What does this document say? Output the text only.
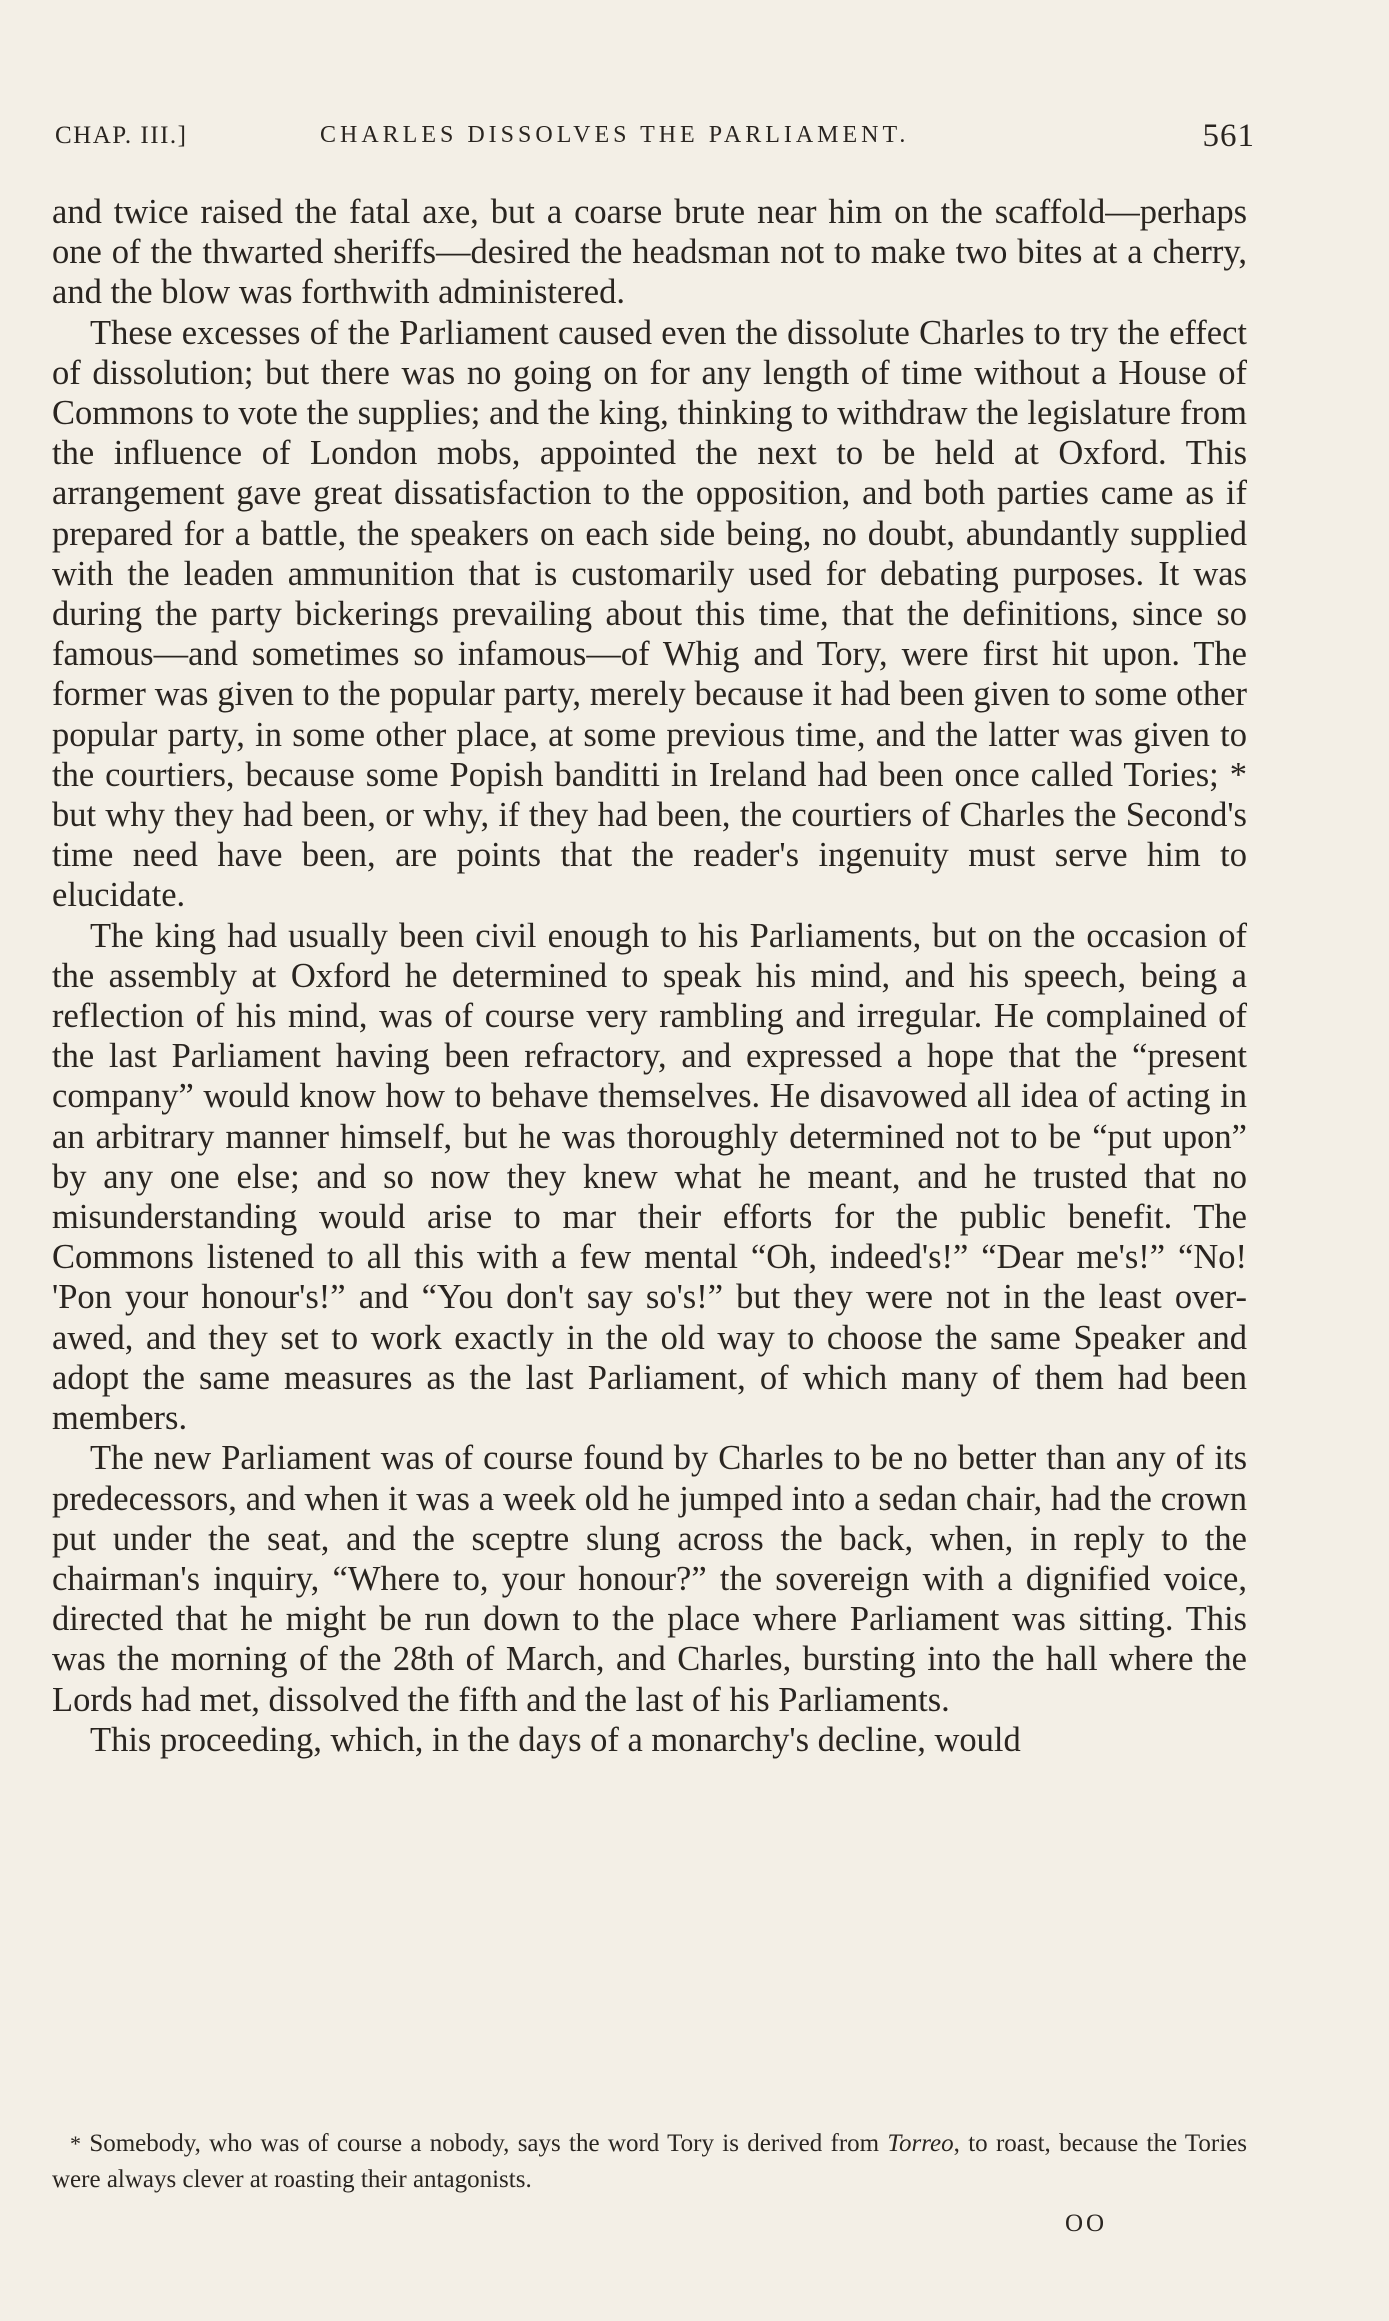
CHAP. III.]	CHARLES DISSOLVES THE PARLIAMENT.	561

and twice raised the fatal axe, but a coarse brute near him on the scaffold—perhaps one of the thwarted sheriffs—desired the headsman not to make two bites at a cherry, and the blow was forthwith administered.

These excesses of the Parliament caused even the dissolute Charles to try the effect of dissolution; but there was no going on for any length of time without a House of Commons to vote the supplies; and the king, thinking to withdraw the legislature from the influence of London mobs, appointed the next to be held at Oxford. This arrangement gave great dissatisfaction to the opposition, and both parties came as if prepared for a battle, the speakers on each side being, no doubt, abundantly supplied with the leaden ammunition that is customarily used for debating purposes. It was during the party bickerings prevailing about this time, that the definitions, since so famous—and sometimes so infamous—of Whig and Tory, were first hit upon. The former was given to the popular party, merely because it had been given to some other popular party, in some other place, at some previous time, and the latter was given to the courtiers, because some Popish banditti in Ireland had been once called Tories; * but why they had been, or why, if they had been, the courtiers of Charles the Second's time need have been, are points that the reader's ingenuity must serve him to elucidate.

The king had usually been civil enough to his Parliaments, but on the occasion of the assembly at Oxford he determined to speak his mind, and his speech, being a reflection of his mind, was of course very rambling and irregular. He complained of the last Parliament having been refractory, and expressed a hope that the “present company” would know how to behave themselves. He disavowed all idea of acting in an arbitrary manner himself, but he was thoroughly determined not to be “put upon” by any one else; and so now they knew what he meant, and he trusted that no misunderstanding would arise to mar their efforts for the public benefit. The Commons listened to all this with a few mental “Oh, indeed's!” “Dear me's!” “No! 'Pon your honour's!” and “You don't say so's!” but they were not in the least over-awed, and they set to work exactly in the old way to choose the same Speaker and adopt the same measures as the last Parliament, of which many of them had been members.

The new Parliament was of course found by Charles to be no better than any of its predecessors, and when it was a week old he jumped into a sedan chair, had the crown put under the seat, and the sceptre slung across the back, when, in reply to the chairman's inquiry, “Where to, your honour?” the sovereign with a dignified voice, directed that he might be run down to the place where Parliament was sitting. This was the morning of the 28th of March, and Charles, bursting into the hall where the Lords had met, dissolved the fifth and the last of his Parliaments.

This proceeding, which, in the days of a monarchy's decline, would

* Somebody, who was of course a nobody, says the word Tory is derived from Torreo, to roast, because the Tories were always clever at roasting their antagonists.
OO
